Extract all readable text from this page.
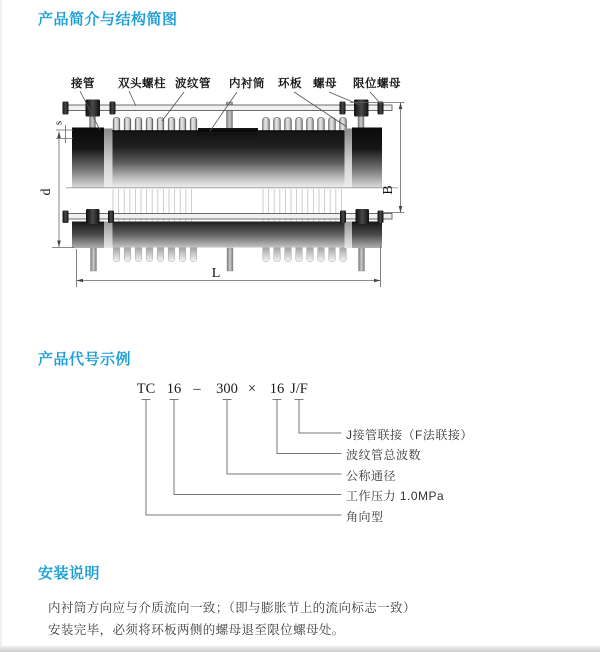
产品简介与结构简图
接管 双头螺柱 波纹管 内衬筒 环板 螺母 限位螺母
s
d	B
L
产品代号示例
TC 16 –	300 × 16 J/F
J接管联接（F法联接）
波纹管总波数
公称通径
工作压力 1.0MPa
角向型
安装说明
内衬筒方向应与介质流向一致；（即与膨胀节上的流向标志一致）
安装完毕，必须将环板两侧的螺母退至限位螺母处。
